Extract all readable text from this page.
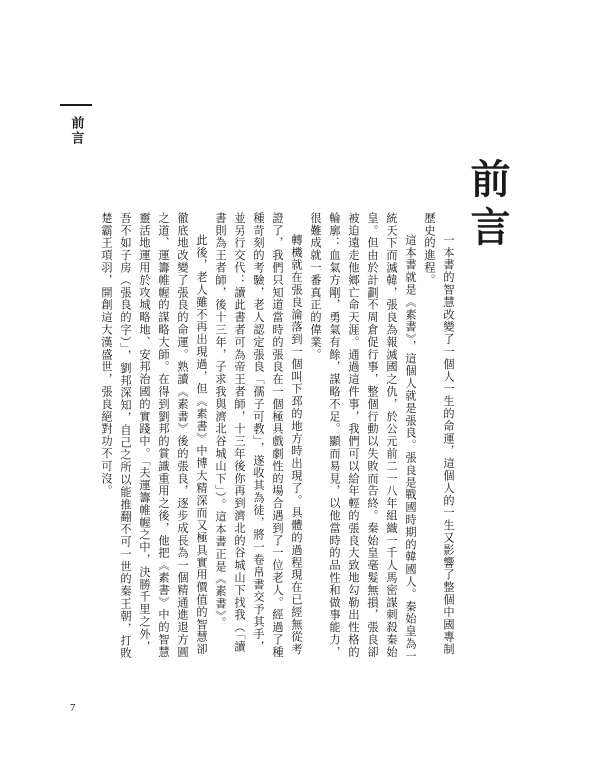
前言
前言

一本書的智慧改變了一個人一生的命運，這個人的一生又影響了整個中國專制歷史的進程。

這本書就是《素書》，這個人就是張良。張良是戰國時期的韓國人。秦始皇為一統天下而滅韓，張良為報滅國之仇，於公元前二一八年組織一千人馬密謀刺殺秦始皇。但由於計劃不周倉促行事，整個行動以失敗而告終。秦始皇毫髮無損，張良卻被迫遠走他鄉亡命天涯。通過這件事，我們可以給年輕的張良大致地勾勒出性格的輪廓：血氣方剛，勇氣有餘，謀略不足。顯而易見，以他當時的品性和做事能力，很難成就一番真正的偉業。

轉機就在張良淪落到一個叫下邳的地方時出現了。具體的過程現在已經無從考證了，我們只知道當時的張良在一個極具戲劇性的場合遇到了一位老人。經過了種種苛刻的考驗，老人認定張良「孺子可教」，遂收其為徒，將一卷帛書交予其手，並另行交代：讀此書者可為帝王者師，十三年後你再到濟北的谷城山下找我（「讀書則為王者師，後十三年，子求我與濟北谷城山下」）。這本書正是《素書》。

此後，老人雖不再出現過，但《素書》中博大精深而又極具實用價值的智慧卻徹底地改變了張良的命運。熟讀《素書》後的張良，逐步成長為一個精通進退方圓之道、運籌帷幄的謀略大師。在得到劉邦的賞識重用之後，他把《素書》中的智慧靈活地運用於攻城略地、安邦治國的實踐中。「夫運籌帷幄之中，決勝千里之外，吾不如子房（張良的字）」，劉邦深知，自己之所以能推翻不可一世的秦王朝，打敗楚霸王項羽，開創這大漢盛世，張良絕對功不可沒。

7
